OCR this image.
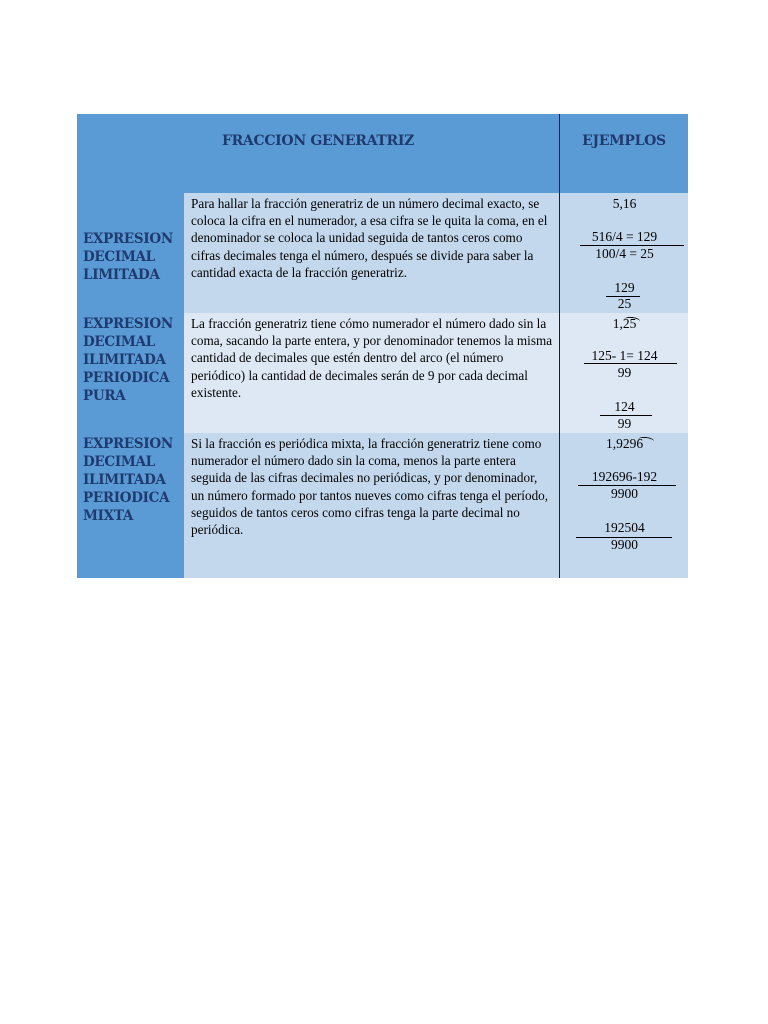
FRACCION GENERATRIZ	EJEMPLOS
EXPRESION
DECIMAL
LIMITADA
Para hallar la fracción generatriz de un número decimal exacto, se coloca la cifra en el numerador, a esa cifra se le quita la coma, en el denominador se coloca la unidad seguida de tantos ceros como cifras decimales tenga el número, después se divide para saber la cantidad exacta de la fracción generatriz.
5,16
516/4 = 129
100/4 = 25
129
25
EXPRESION
DECIMAL
ILIMITADA
PERIODICA
PURA
La fracción generatriz tiene cómo numerador el número dado sin la coma, sacando la parte entera, y por denominador tenemos la misma cantidad de decimales que estén dentro del arco (el número periódico) la cantidad de decimales serán de 9 por cada decimal existente.
1,25
125- 1= 124
99
124
99
EXPRESION
DECIMAL
ILIMITADA
PERIODICA
MIXTA
Si la fracción es periódica mixta, la fracción generatriz tiene como numerador el número dado sin la coma, menos la parte entera seguida de las cifras decimales no periódicas, y por denominador, un número formado por tantos nueves como cifras tenga el período, seguidos de tantos ceros como cifras tenga la parte decimal no periódica.
1,9296
192696-192
9900
192504
9900
